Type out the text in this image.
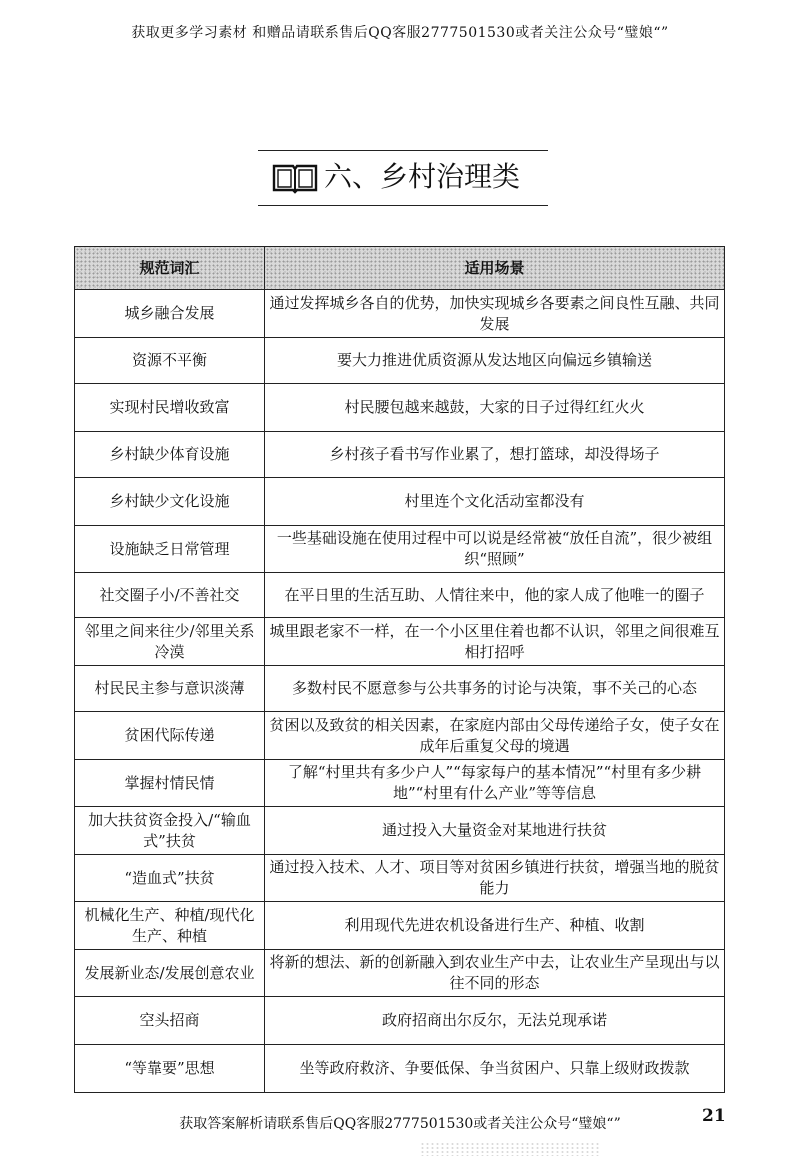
获取更多学习素材 和赠品请联系售后QQ客服2777501530或者关注公众号“璧娘“”
六、乡村治理类
规范词汇	适用场景
城乡融合发展	通过发挥城乡各自的优势，加快实现城乡各要素之间良性互融、共同发展
资源不平衡	要大力推进优质资源从发达地区向偏远乡镇输送
实现村民增收致富	村民腰包越来越鼓，大家的日子过得红红火火
乡村缺少体育设施	乡村孩子看书写作业累了，想打篮球，却没得场子
乡村缺少文化设施	村里连个文化活动室都没有
设施缺乏日常管理	一些基础设施在使用过程中可以说是经常被“放任自流”，很少被组织“照顾”
社交圈子小/不善社交	在平日里的生活互助、人情往来中，他的家人成了他唯一的圈子
邻里之间来往少/邻里关系冷漠	城里跟老家不一样，在一个小区里住着也都不认识，邻里之间很难互相打招呼
村民民主参与意识淡薄	多数村民不愿意参与公共事务的讨论与决策，事不关己的心态
贫困代际传递	贫困以及致贫的相关因素，在家庭内部由父母传递给子女，使子女在成年后重复父母的境遇
掌握村情民情	了解“村里共有多少户人”“每家每户的基本情况”“村里有多少耕地”“村里有什么产业”等等信息
加大扶贫资金投入/“输血式”扶贫	通过投入大量资金对某地进行扶贫
“造血式”扶贫	通过投入技术、人才、项目等对贫困乡镇进行扶贫，增强当地的脱贫能力
机械化生产、种植/现代化生产、种植	利用现代先进农机设备进行生产、种植、收割
发展新业态/发展创意农业	将新的想法、新的创新融入到农业生产中去，让农业生产呈现出与以往不同的形态
空头招商	政府招商出尔反尔，无法兑现承诺
“等靠要”思想	坐等政府救济、争要低保、争当贫困户、只靠上级财政拨款
获取答案解析请联系售后QQ客服2777501530或者关注公众号“璧娘“”	21
